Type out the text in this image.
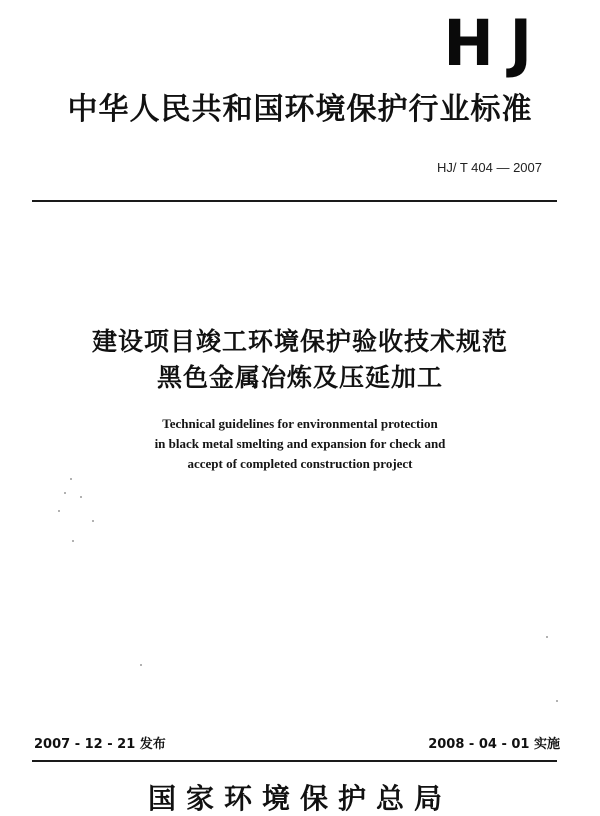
HJ
中华人民共和国环境保护行业标准
HJ/ T 404 — 2007
建设项目竣工环境保护验收技术规范
黑色金属冶炼及压延加工
Technical guidelines for environmental protection
in black metal smelting and expansion for check and
accept of completed construction project
2007 - 12 - 21 发布	2008 - 04 - 01 实施
国家环境保护总局
